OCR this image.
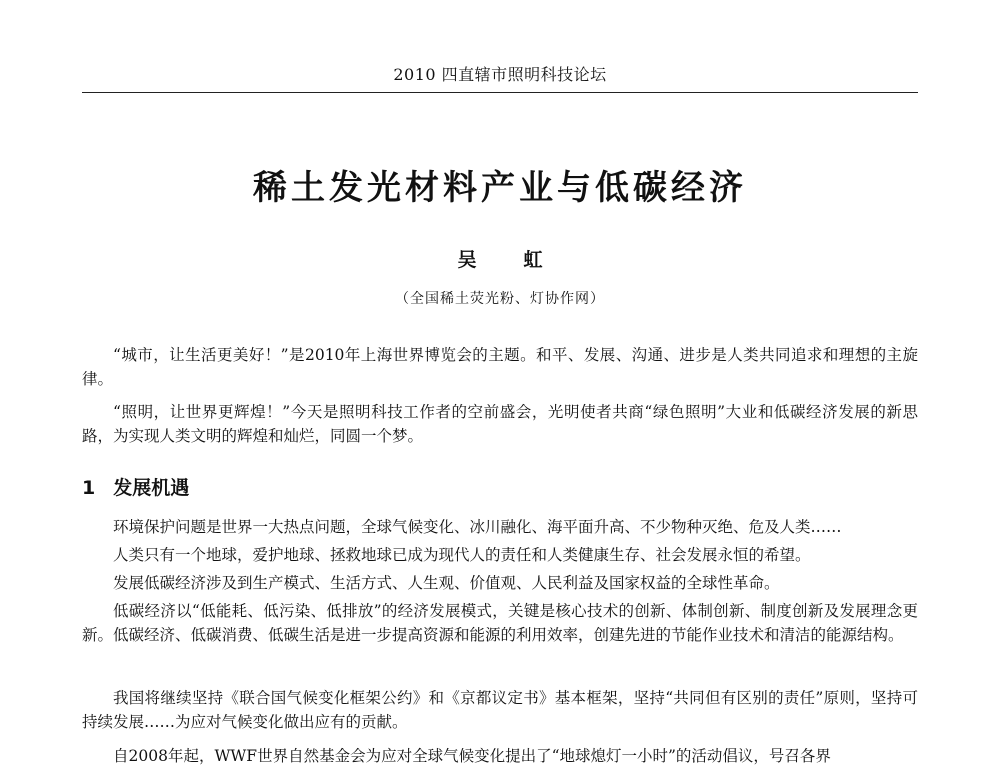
2010 四直辖市照明科技论坛
稀土发光材料产业与低碳经济
吴　虹
（全国稀土荧光粉、灯协作网）

“城市，让生活更美好！”是2010年上海世界博览会的主题。和平、发展、沟通、进步是人类共同追求和理想的主旋律。

“照明，让世界更辉煌！”今天是照明科技工作者的空前盛会，光明使者共商“绿色照明”大业和低碳经济发展的新思路，为实现人类文明的辉煌和灿烂，同圆一个梦。

1 发展机遇

环境保护问题是世界一大热点问题，全球气候变化、冰川融化、海平面升高、不少物种灭绝、危及人类……

人类只有一个地球，爱护地球、拯救地球已成为现代人的责任和人类健康生存、社会发展永恒的希望。

发展低碳经济涉及到生产模式、生活方式、人生观、价值观、人民利益及国家权益的全球性革命。

低碳经济以“低能耗、低污染、低排放”的经济发展模式，关键是核心技术的创新、体制创新、制度创新及发展理念更新。低碳经济、低碳消费、低碳生活是进一步提高资源和能源的利用效率，创建先进的节能作业技术和清洁的能源结构。

我国将继续坚持《联合国气候变化框架公约》和《京都议定书》基本框架，坚持“共同但有区别的责任”原则，坚持可持续发展……为应对气候变化做出应有的贡献。

自2008年起，WWF世界自然基金会为应对全球气候变化提出了“地球熄灯一小时”的活动倡议，号召各界
